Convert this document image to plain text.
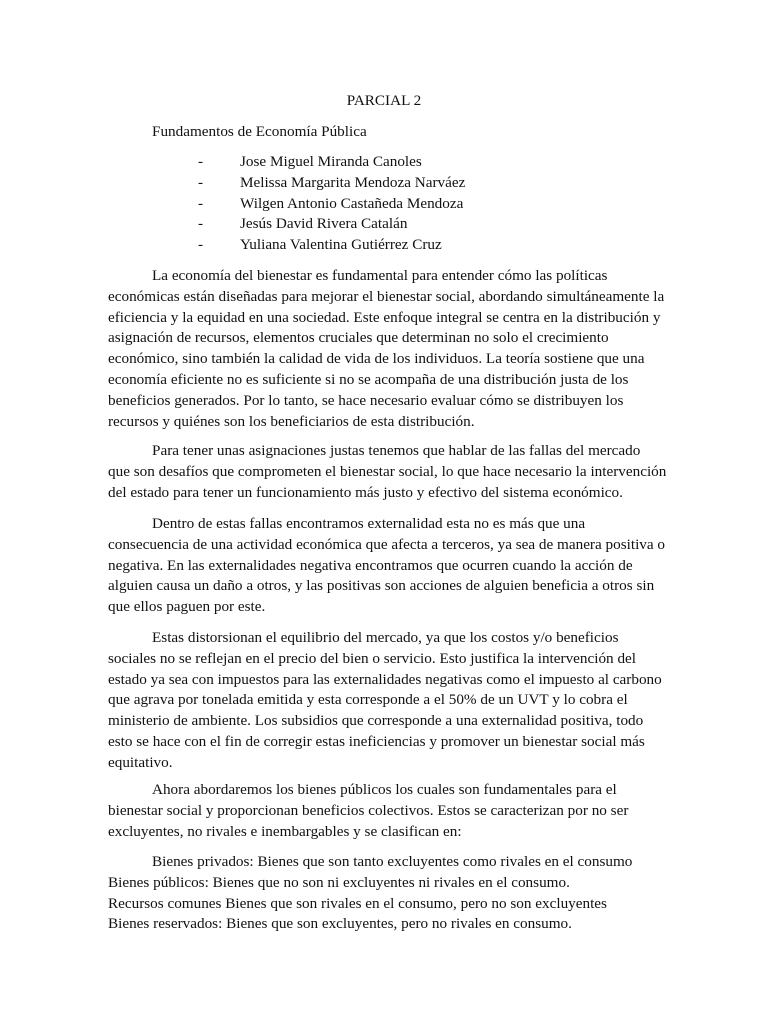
PARCIAL 2
Fundamentos de Economía Pública
- Jose Miguel Miranda Canoles
- Melissa Margarita Mendoza Narváez
- Wilgen Antonio Castañeda Mendoza
- Jesús David Rivera Catalán
- Yuliana Valentina Gutiérrez Cruz
La economía del bienestar es fundamental para entender cómo las políticas
económicas están diseñadas para mejorar el bienestar social, abordando simultáneamente la
eficiencia y la equidad en una sociedad. Este enfoque integral se centra en la distribución y
asignación de recursos, elementos cruciales que determinan no solo el crecimiento
económico, sino también la calidad de vida de los individuos. La teoría sostiene que una
economía eficiente no es suficiente si no se acompaña de una distribución justa de los
beneficios generados. Por lo tanto, se hace necesario evaluar cómo se distribuyen los
recursos y quiénes son los beneficiarios de esta distribución.
Para tener unas asignaciones justas tenemos que hablar de las fallas del mercado
que son desafíos que comprometen el bienestar social, lo que hace necesario la intervención
del estado para tener un funcionamiento más justo y efectivo del sistema económico.
Dentro de estas fallas encontramos externalidad esta no es más que una
consecuencia de una actividad económica que afecta a terceros, ya sea de manera positiva o
negativa. En las externalidades negativa encontramos que ocurren cuando la acción de
alguien causa un daño a otros, y las positivas son acciones de alguien beneficia a otros sin
que ellos paguen por este.
Estas distorsionan el equilibrio del mercado, ya que los costos y/o beneficios
sociales no se reflejan en el precio del bien o servicio. Esto justifica la intervención del
estado ya sea con impuestos para las externalidades negativas como el impuesto al carbono
que agrava por tonelada emitida y esta corresponde a el 50% de un UVT y lo cobra el
ministerio de ambiente. Los subsidios que corresponde a una externalidad positiva, todo
esto se hace con el fin de corregir estas ineficiencias y promover un bienestar social más
equitativo.
Ahora abordaremos los bienes públicos los cuales son fundamentales para el
bienestar social y proporcionan beneficios colectivos. Estos se caracterizan por no ser
excluyentes, no rivales e inembargables y se clasifican en:
Bienes privados: Bienes que son tanto excluyentes como rivales en el consumo
Bienes públicos: Bienes que no son ni excluyentes ni rivales en el consumo.
Recursos comunes Bienes que son rivales en el consumo, pero no son excluyentes
Bienes reservados: Bienes que son excluyentes, pero no rivales en consumo.
